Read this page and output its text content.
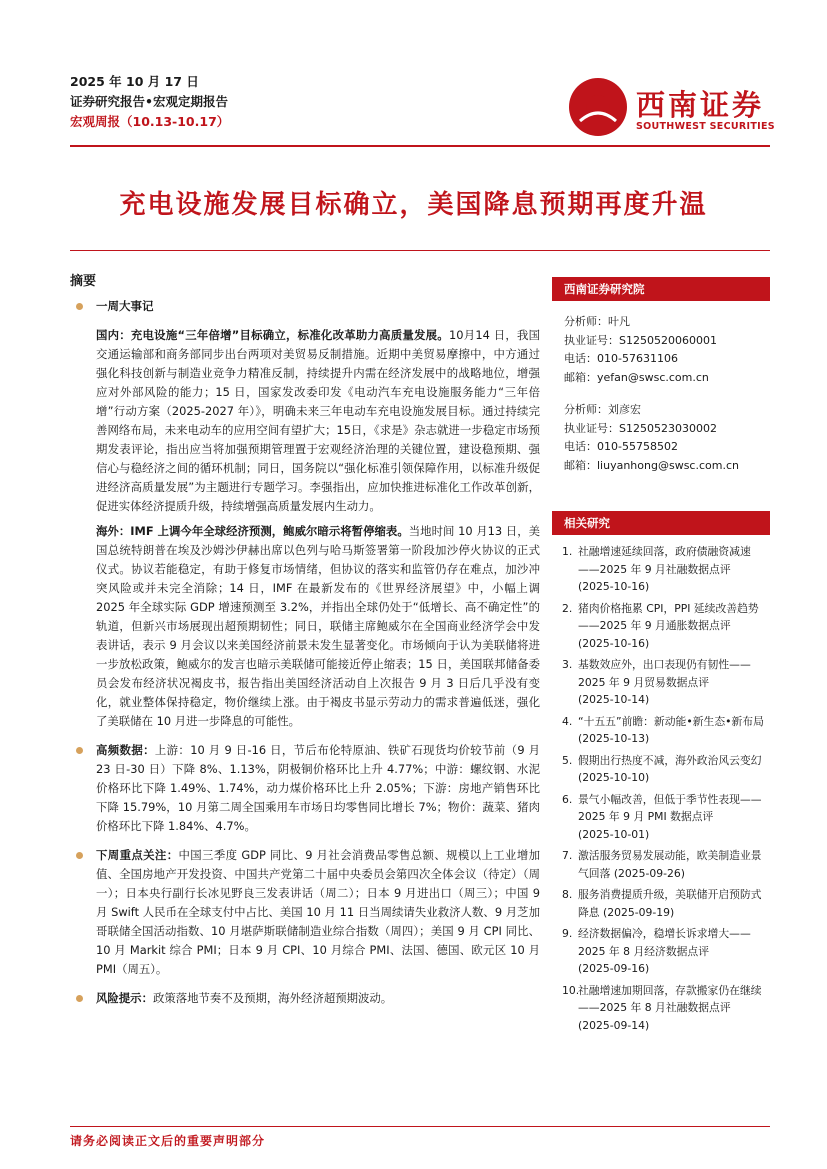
2025 年 10 月 17 日
证券研究报告•宏观定期报告
宏观周报（10.13-10.17）	西南证券
SOUTHWEST SECURITIES
充电设施发展目标确立，美国降息预期再度升温
摘要
一周大事记
国内：充电设施“三年倍增”目标确立，标准化改革助力高质量发展。10月14 日，我国交通运输部和商务部同步出台两项对美贸易反制措施。近期中美贸易摩擦中，中方通过强化科技创新与制造业竞争力精准反制，持续提升内需在经济发展中的战略地位，增强应对外部风险的能力；15 日，国家发改委印发《电动汽车充电设施服务能力“三年倍增”行动方案（2025-2027 年）》，明确未来三年电动车充电设施发展目标。通过持续完善网络布局，未来电动车的应用空间有望扩大；15日，《求是》杂志就进一步稳定市场预期发表评论，指出应当将加强预期管理置于宏观经济治理的关键位置，建设稳预期、强信心与稳经济之间的循环机制；同日，国务院以“强化标准引领保障作用，以标准升级促进经济高质量发展”为主题进行专题学习。李强指出，应加快推进标准化工作改革创新，促进实体经济提质升级，持续增强高质量发展内生动力。
海外：IMF 上调今年全球经济预测，鲍威尔暗示将暂停缩表。当地时间 10 月13 日，美国总统特朗普在埃及沙姆沙伊赫出席以色列与哈马斯签署第一阶段加沙停火协议的正式仪式。协议若能稳定，有助于修复市场情绪，但协议的落实和监管仍存在难点，加沙冲突风险或并未完全消除；14 日，IMF 在最新发布的《世界经济展望》中，小幅上调 2025 年全球实际 GDP 增速预测至 3.2%，并指出全球仍处于“低增长、高不确定性”的轨道，但新兴市场展现出超预期韧性；同日，联储主席鲍威尔在全国商业经济学会中发表讲话，表示 9 月会议以来美国经济前景未发生显著变化。市场倾向于认为美联储将进一步放松政策，鲍威尔的发言也暗示美联储可能接近停止缩表；15 日，美国联邦储备委员会发布经济状况褐皮书，报告指出美国经济活动自上次报告 9 月 3 日后几乎没有变化，就业整体保持稳定，物价继续上涨。由于褐皮书显示劳动力的需求普遍低迷，强化了美联储在 10 月进一步降息的可能性。
高频数据：上游：10 月 9 日-16 日，节后布伦特原油、铁矿石现货均价较节前（9 月 23 日-30 日）下降 8%、1.13%，阴极铜价格环比上升 4.77%；中游：螺纹钢、水泥价格环比下降 1.49%、1.74%，动力煤价格环比上升 2.05%；下游：房地产销售环比下降 15.79%，10 月第二周全国乘用车市场日均零售同比增长 7%；物价：蔬菜、猪肉价格环比下降 1.84%、4.7%。
下周重点关注：中国三季度 GDP 同比、9 月社会消费品零售总额、规模以上工业增加值、全国房地产开发投资、中国共产党第二十届中央委员会第四次全体会议（待定）（周一）；日本央行副行长冰见野良三发表讲话（周二）；日本 9 月进出口（周三）；中国 9 月 Swift 人民币在全球支付中占比、美国 10 月 11 日当周续请失业救济人数、9 月芝加哥联储全国活动指数、10 月堪萨斯联储制造业综合指数（周四）；美国 9 月 CPI 同比、10 月 Markit 综合 PMI；日本 9 月 CPI、10 月综合 PMI、法国、德国、欧元区 10 月 PMI（周五）。
风险提示：政策落地节奏不及预期，海外经济超预期波动。
西南证券研究院
分析师：叶凡
执业证号：S1250520060001
电话：010-57631106
邮箱：yefan@swsc.com.cn
分析师：刘彦宏
执业证号：S1250523030002
电话：010-55758502
邮箱：liuyanhong@swsc.com.cn
相关研究
1. 社融增速延续回落，政府债融资减速——2025 年 9 月社融数据点评
(2025-10-16)
2. 猪肉价格拖累 CPI，PPI 延续改善趋势——2025 年 9 月通胀数据点评
(2025-10-16)
3. 基数效应外，出口表现仍有韧性——2025 年 9 月贸易数据点评
(2025-10-14)
4. “十五五”前瞻：新动能•新生态•新布局
(2025-10-13)
5. 假期出行热度不减，海外政治风云变幻
(2025-10-10)
6. 景气小幅改善，但低于季节性表现——2025 年 9 月 PMI 数据点评
(2025-10-01)
7. 激活服务贸易发展动能，欧美制造业景气回落 (2025-09-26)
8. 服务消费提质升级，美联储开启预防式降息 (2025-09-19)
9. 经济数据偏冷，稳增长诉求增大——2025 年 8 月经济数据点评
(2025-09-16)
10.
社融增速加期回落，存款搬家仍在继续——2025 年 8 月社融数据点评
(2025-09-14)
请务必阅读正文后的重要声明部分
